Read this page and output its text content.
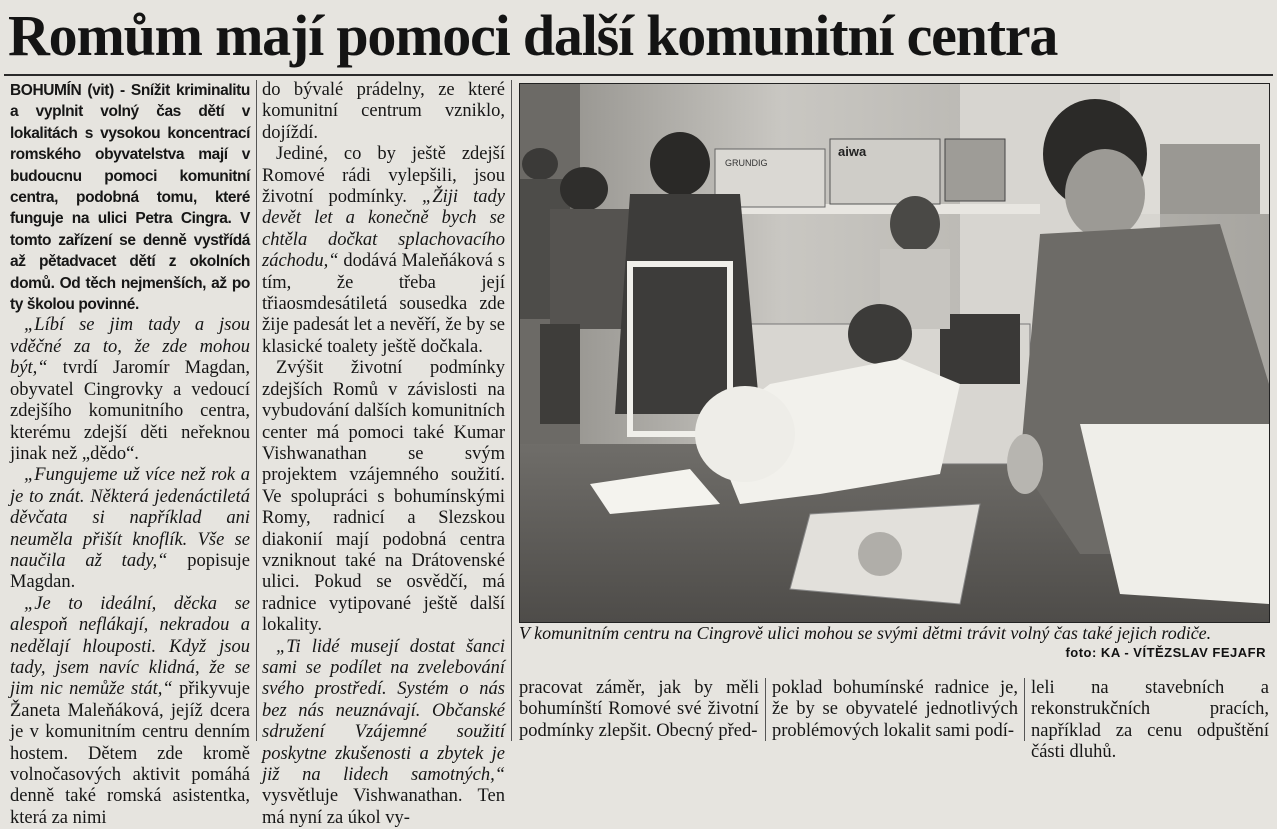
Romům mají pomoci další komunitní centra

BOHUMÍN (vit) - Snížit kriminalitu a vyplnit volný čas dětí v lokalitách s vysokou koncentrací romského obyvatelstva mají v budoucnu pomoci komunitní centra, podobná tomu, které funguje na ulici Petra Cingra. V tomto zařízení se denně vystřídá až pětadvacet dětí z okolních domů. Od těch nejmenších, až po ty školou povinné.

„Líbí se jim tady a jsou vděčné za to, že zde mohou být,“ tvrdí Jaromír Magdan, obyvatel Cingrovky a vedoucí zdejšího komunitního centra, kterému zdejší děti neřeknou jinak než „dědo“.

„Fungujeme už více než rok a je to znát. Některá jedenáctiletá děvčata si například ani neuměla přišít knoflík. Vše se naučila až tady,“ popisuje Magdan.

„Je to ideální, děcka se alespoň neflákají, nekradou a nedělají hlouposti. Když jsou tady, jsem navíc klidná, že se jim nic nemůže stát,“ přikyvuje Žaneta Maleňáková, jejíž dcera je v komunitním centru denním hostem. Dětem zde kromě volnočasových aktivit pomáhá denně také romská asistentka, která za nimi

do bývalé prádelny, ze které komunitní centrum vzniklo, dojíždí.

Jediné, co by ještě zdejší Romové rádi vylepšili, jsou životní podmínky. „Žiji tady devět let a konečně bych se chtěla dočkat splachovacího záchodu,“ dodává Maleňáková s tím, že třeba její třiaosmdesátiletá sousedka zde žije padesát let a nevěří, že by se klasické toalety ještě dočkala.

Zvýšit životní podmínky zdejších Romů v závislosti na vybudování dalších komunitních center má pomoci také Kumar Vishwanathan se svým projektem vzájemného soužití. Ve spolupráci s bohumínskými Romy, radnicí a Slezskou diakonií mají podobná centra vzniknout také na Drátovenské ulici. Pokud se osvědčí, má radnice vytipované ještě další lokality.

„Ti lidé musejí dostat šanci sami se podílet na zvelebování svého prostředí. Systém o nás bez nás neuznávají. Občanské sdružení Vzájemné soužití poskytne zkušenosti a zbytek je již na lidech samotných,“ vysvětluje Vishwanathan. Ten má nyní za úkol vy-

GRUNDIG
aiwa
V komunitním centru na Cingrově ulici mohou se svými dětmi trávit volný čas také jejich rodiče.
foto: KA - VÍTĚZSLAV FEJAFR

pracovat záměr, jak by měli bohumínští Romové své životní podmínky zlepšit. Obecný před-

poklad bohumínské radnice je, že by se obyvatelé jednotlivých problémových lokalit sami podí-

leli na stavebních a rekonstrukčních pracích, například za cenu odpuštění části dluhů.
